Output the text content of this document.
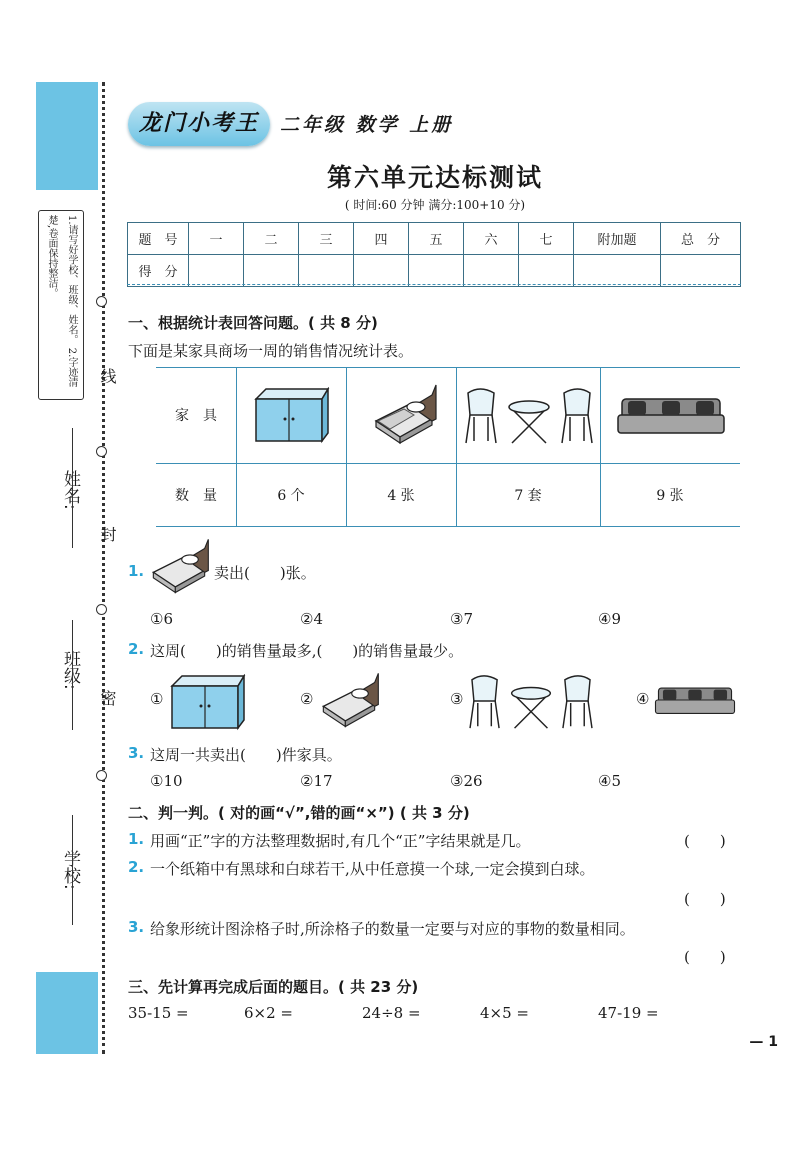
线
封
密
1.请写好学校、班级、姓名。 2.字迹清楚,卷面保持整洁。
姓名:
班级:
学校:
龙门小考王	二年级 数学 上册
第六单元达标测试
( 时间:60 分钟 满分:100+10 分)
题　号	一	二	三	四	五	六	七	附加题	总　分
得　分									
一、根据统计表回答问题。( 共 8 分)
下面是某家具商场一周的销售情况统计表。
家　具
数　量	6 个	4 张	7 套	9 张
1.	卖出(　　)张。
①6	②4	③7	④9
2. 这周(　　)的销售量最多,(　　)的销售量最少。
①	②	③	④
3. 这周一共卖出(　　)件家具。
①10	②17	③26	④5
二、判一判。( 对的画“√”,错的画“×”) ( 共 3 分)
1. 用画“正”字的方法整理数据时,有几个“正”字结果就是几。	(　　)
2. 一个纸箱中有黑球和白球若干,从中任意摸一个球,一定会摸到白球。
(　　)
3. 给象形统计图涂格子时,所涂格子的数量一定要与对应的事物的数量相同。
(　　)
三、先计算再完成后面的题目。( 共 23 分)
35-15 =	6×2 =	24÷8 =	4×5 =	47-19 =
— 1
